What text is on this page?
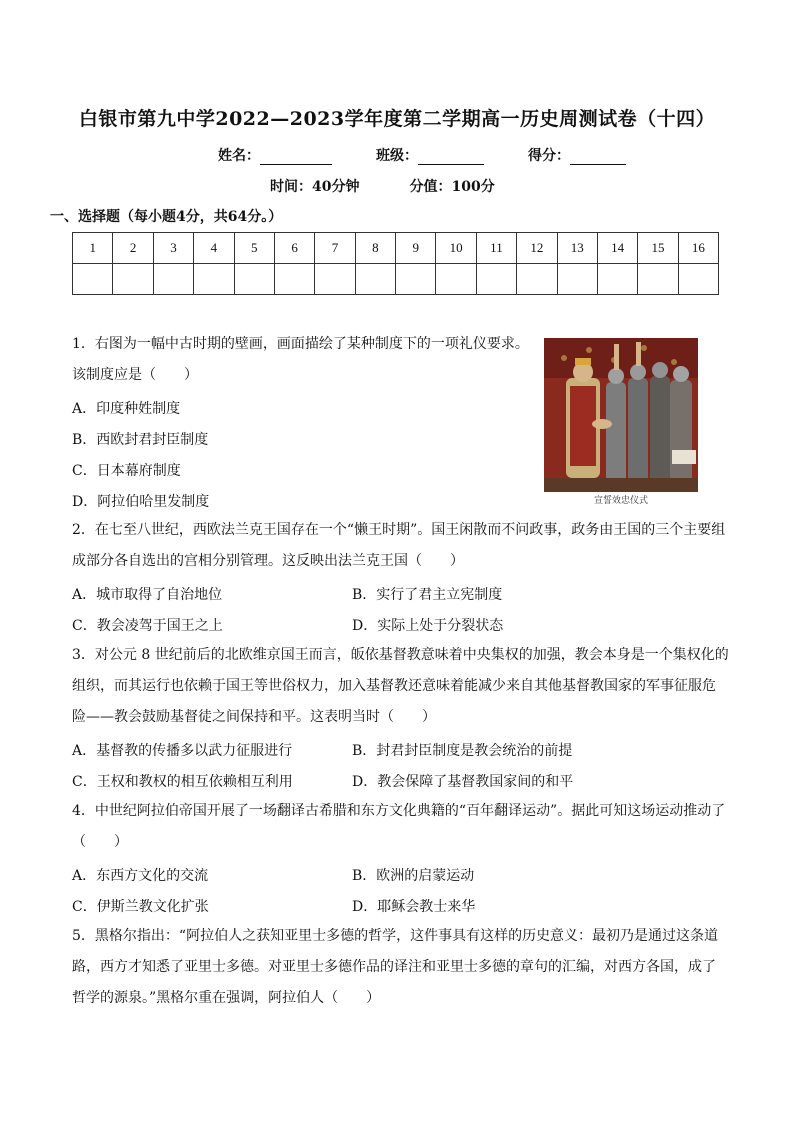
白银市第九中学2022—2023学年度第二学期高一历史周测试卷（十四）
姓名：	班级：	得分：
时间：40分钟	分值：100分
一、选择题（每小题4分，共64分。）
1	2	3	4	5	6	7	8	9	10	11	12	13	14	15	16

1．右图为一幅中古时期的壁画，画面描绘了某种制度下的一项礼仪要求。
该制度应是（　　）
A．印度种姓制度
B．西欧封君封臣制度
C．日本幕府制度
D．阿拉伯哈里发制度	宣誓效忠仪式
2．在七至八世纪，西欧法兰克王国存在一个“懒王时期”。国王闲散而不问政事，政务由王国的三个主要组
成部分各自选出的宫相分别管理。这反映出法兰克王国（　　）
A．城市取得了自治地位	B．实行了君主立宪制度
C．教会凌驾于国王之上	D．实际上处于分裂状态
3．对公元 8 世纪前后的北欧维京国王而言，皈依基督教意味着中央集权的加强，教会本身是一个集权化的
组织，而其运行也依赖于国王等世俗权力，加入基督教还意味着能减少来自其他基督教国家的军事征服危
险——教会鼓励基督徒之间保持和平。这表明当时（　　）
A．基督教的传播多以武力征服进行	B．封君封臣制度是教会统治的前提
C．王权和教权的相互依赖相互利用	D．教会保障了基督教国家间的和平
4．中世纪阿拉伯帝国开展了一场翻译古希腊和东方文化典籍的“百年翻译运动”。据此可知这场运动推动了
（　　）
A．东西方文化的交流	B．欧洲的启蒙运动
C．伊斯兰教文化扩张	D．耶稣会教士来华
5．黑格尔指出：“阿拉伯人之获知亚里士多德的哲学，这件事具有这样的历史意义：最初乃是通过这条道
路，西方才知悉了亚里士多德。对亚里士多德作品的译注和亚里士多德的章句的汇编，对西方各国，成了
哲学的源泉。”黑格尔重在强调，阿拉伯人（　　）
